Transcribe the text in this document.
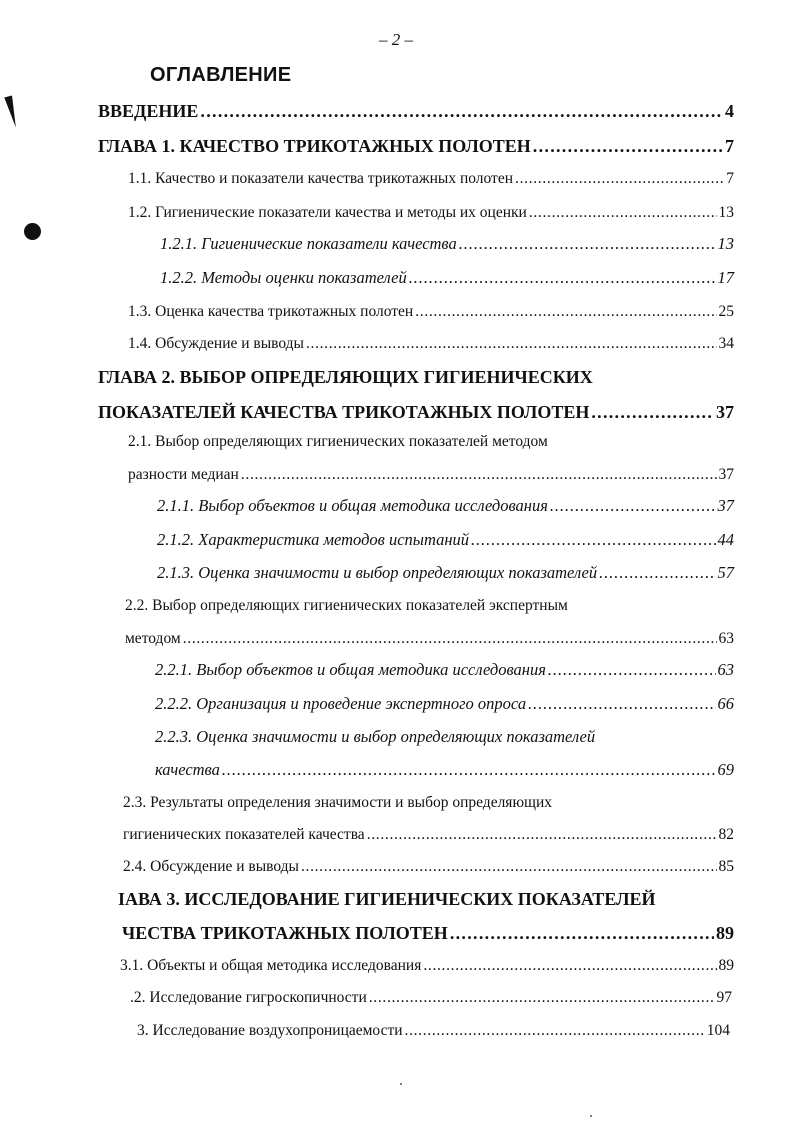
– 2 –
ОГЛАВЛЕНИЕ
ВВЕДЕНИЕ . . .	4
ГЛАВА 1. КАЧЕСТВО ТРИКОТАЖНЫХ ПОЛОТЕН . . .	7
1.1. Качество и показатели качества трикотажных полотен . . .	7
1.2. Гигиенические показатели качества и методы их оценки . . .	13
1.2.1. Гигиенические показатели качества . . .	13
1.2.2. Методы оценки показателей . . .	17
1.3. Оценка качества трикотажных полотен . . .	25
1.4. Обсуждение и выводы . . .	34
ГЛАВА 2. ВЫБОР ОПРЕДЕЛЯЮЩИХ ГИГИЕНИЧЕСКИХ
ПОКАЗАТЕЛЕЙ КАЧЕСТВА ТРИКОТАЖНЫХ ПОЛОТЕН . . .	37
2.1. Выбор определяющих гигиенических показателей методом
разности медиан . . .	37
2.1.1. Выбор объектов и общая методика исследования . . .	37
2.1.2. Характеристика методов испытаний . . .	44
2.1.3. Оценка значимости и выбор определяющих показателей . . .	57
2.2. Выбор определяющих гигиенических показателей экспертным
методом . . .	63
2.2.1. Выбор объектов и общая методика исследования . . .	63
2.2.2. Организация и проведение экспертного опроса . . .	66
2.2.3. Оценка значимости и выбор определяющих показателей
качества . . .	69
2.3. Результаты определения значимости и выбор определяющих
гигиенических показателей качества . . .	82
2.4. Обсуждение и выводы . . .	85
IАВА 3. ИССЛЕДОВАНИЕ ГИГИЕНИЧЕСКИХ ПОКАЗАТЕЛЕЙ
ЧЕСТВА ТРИКОТАЖНЫХ ПОЛОТЕН . . .	89
3.1. Объекты и общая методика исследования . . .	89
.2. Исследование гигроскопичности . . .	97
3. Исследование воздухопроницаемости . . .	104
